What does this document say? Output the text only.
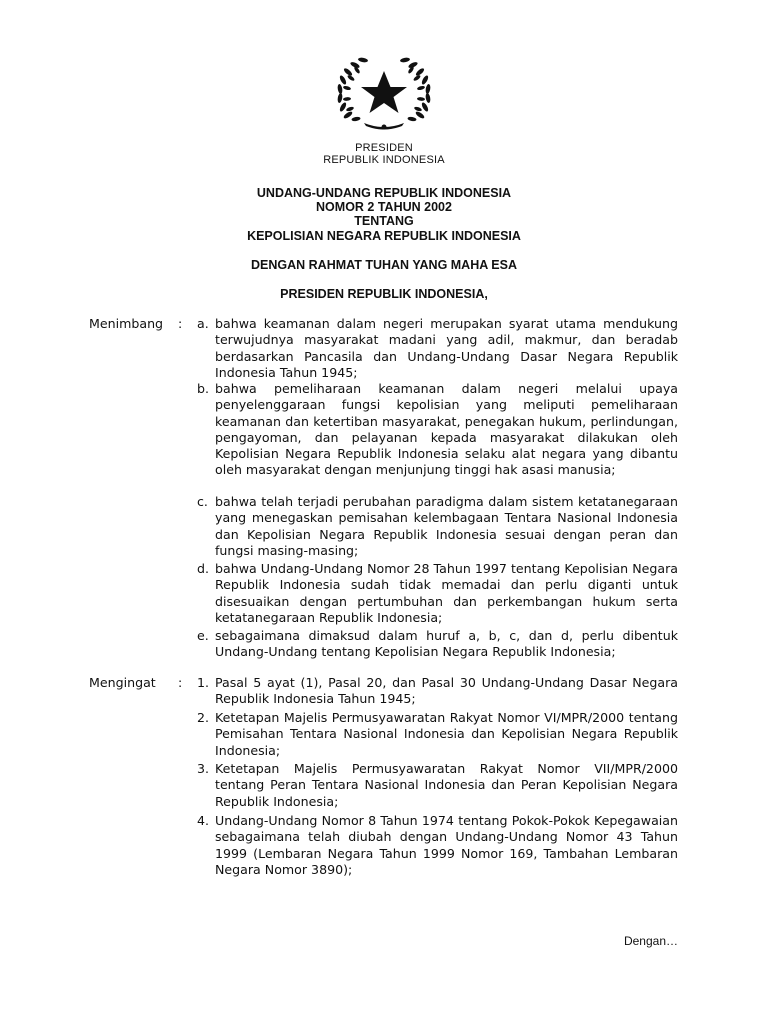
PRESIDEN
REPUBLIK INDONESIA
UNDANG-UNDANG REPUBLIK INDONESIA
NOMOR 2 TAHUN 2002
TENTANG
KEPOLISIAN NEGARA REPUBLIK INDONESIA
DENGAN RAHMAT TUHAN YANG MAHA ESA
PRESIDEN REPUBLIK INDONESIA,
Menimbang : a. bahwa keamanan dalam negeri merupakan syarat utama mendukung terwujudnya masyarakat madani yang adil, makmur, dan beradab berdasarkan Pancasila dan Undang-Undang Dasar Negara Republik Indonesia Tahun 1945;
b. bahwa pemeliharaan keamanan dalam negeri melalui upaya penyelenggaraan fungsi kepolisian yang meliputi pemeliharaan keamanan dan ketertiban masyarakat, penegakan hukum, perlindungan, pengayoman, dan pelayanan kepada masyarakat dilakukan oleh Kepolisian Negara Republik Indonesia selaku alat negara yang dibantu oleh masyarakat dengan menjunjung tinggi hak asasi manusia;
c. bahwa telah terjadi perubahan paradigma dalam sistem ketatanegaraan yang menegaskan pemisahan kelembagaan Tentara Nasional Indonesia dan Kepolisian Negara Republik Indonesia sesuai dengan peran dan fungsi masing-masing;
d. bahwa Undang-Undang Nomor 28 Tahun 1997 tentang Kepolisian Negara Republik Indonesia sudah tidak memadai dan perlu diganti untuk disesuaikan dengan pertumbuhan dan perkembangan hukum serta ketatanegaraan Republik Indonesia;
e. sebagaimana dimaksud dalam huruf a, b, c, dan d, perlu dibentuk Undang-Undang tentang Kepolisian Negara Republik Indonesia;
Mengingat : 1. Pasal 5 ayat (1), Pasal 20, dan Pasal 30 Undang-Undang Dasar Negara Republik Indonesia Tahun 1945;
2. Ketetapan Majelis Permusyawaratan Rakyat Nomor VI/MPR/2000 tentang Pemisahan Tentara Nasional Indonesia dan Kepolisian Negara Republik Indonesia;
3. Ketetapan Majelis Permusyawaratan Rakyat Nomor VII/MPR/2000 tentang Peran Tentara Nasional Indonesia dan Peran Kepolisian Negara Republik Indonesia;
4. Undang-Undang Nomor 8 Tahun 1974 tentang Pokok-Pokok Kepegawaian sebagaimana telah diubah dengan Undang-Undang Nomor 43 Tahun 1999 (Lembaran Negara Tahun 1999 Nomor 169, Tambahan Lembaran Negara Nomor 3890);
Dengan…
